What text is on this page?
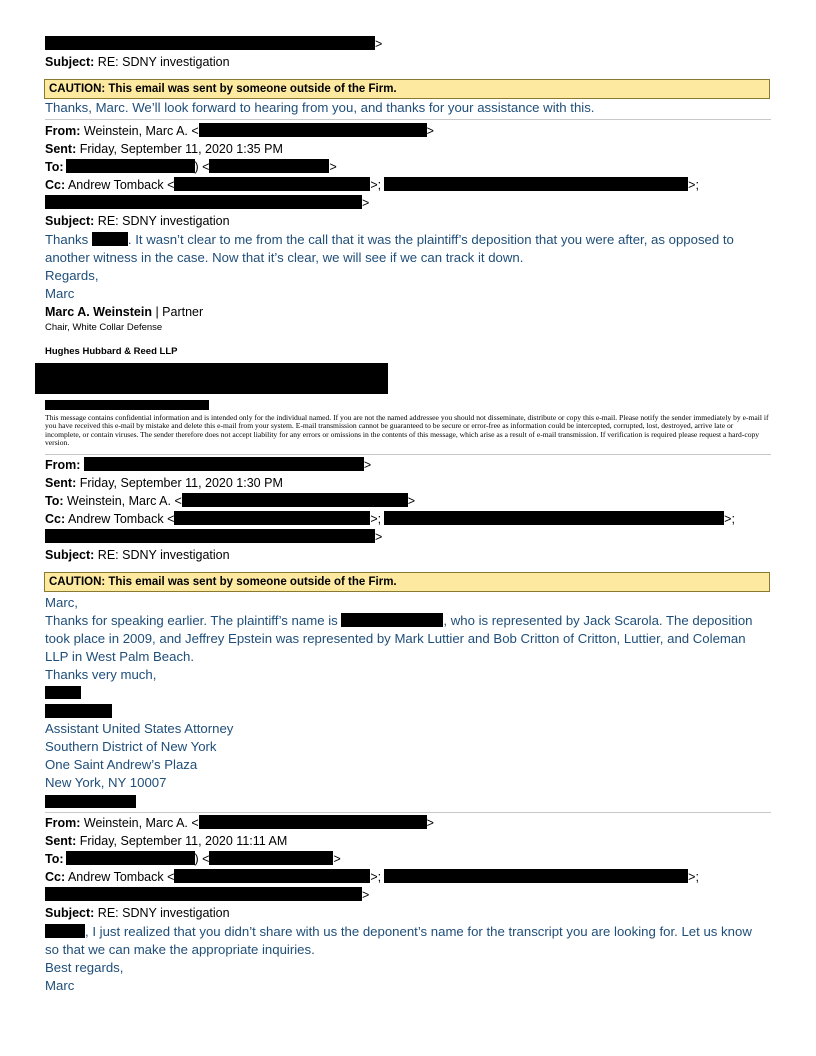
>
Subject: RE: SDNY investigation
CAUTION: This email was sent by someone outside of the Firm.
Thanks, Marc. We’ll look forward to hearing from you, and thanks for your assistance with this.
From: Weinstein, Marc A. <	>
Sent: Friday, September 11, 2020 1:35 PM
To:	) <	>
Cc: Andrew Tomback <	>;	>;
>
Subject: RE: SDNY investigation
Thanks	. It wasn’t clear to me from the call that it was the plaintiff’s deposition that you were after, as opposed to
another witness in the case. Now that it’s clear, we will see if we can track it down.
Regards,
Marc
Marc A. Weinstein | Partner
Chair, White Collar Defense
Hughes Hubbard & Reed LLP
This message contains confidential information and is intended only for the individual named. If you are not the named addressee you should not disseminate, distribute or copy this e-mail. Please notify the sender immediately by e-mail if you have received this e-mail by mistake and delete this e-mail from your system. E-mail transmission cannot be guaranteed to be secure or error-free as information could be intercepted, corrupted, lost, destroyed, arrive late or incomplete, or contain viruses. The sender therefore does not accept liability for any errors or omissions in the contents of this message, which arise as a result of e-mail transmission. If verification is required please request a hard-copy version.
From:	>
Sent: Friday, September 11, 2020 1:30 PM
To: Weinstein, Marc A. <	>
Cc: Andrew Tomback <	>;	>;
>
Subject: RE: SDNY investigation
CAUTION: This email was sent by someone outside of the Firm.
Marc,
Thanks for speaking earlier. The plaintiff’s name is	, who is represented by Jack Scarola. The deposition
took place in 2009, and Jeffrey Epstein was represented by Mark Luttier and Bob Critton of Critton, Luttier, and Coleman
LLP in West Palm Beach.
Thanks very much,
Assistant United States Attorney
Southern District of New York
One Saint Andrew’s Plaza
New York, NY 10007
From: Weinstein, Marc A. <	>
Sent: Friday, September 11, 2020 11:11 AM
To:	) <	>
Cc: Andrew Tomback <	>;	>;
>
Subject: RE: SDNY investigation
, I just realized that you didn’t share with us the deponent’s name for the transcript you are looking for. Let us know
so that we can make the appropriate inquiries.
Best regards,
Marc
